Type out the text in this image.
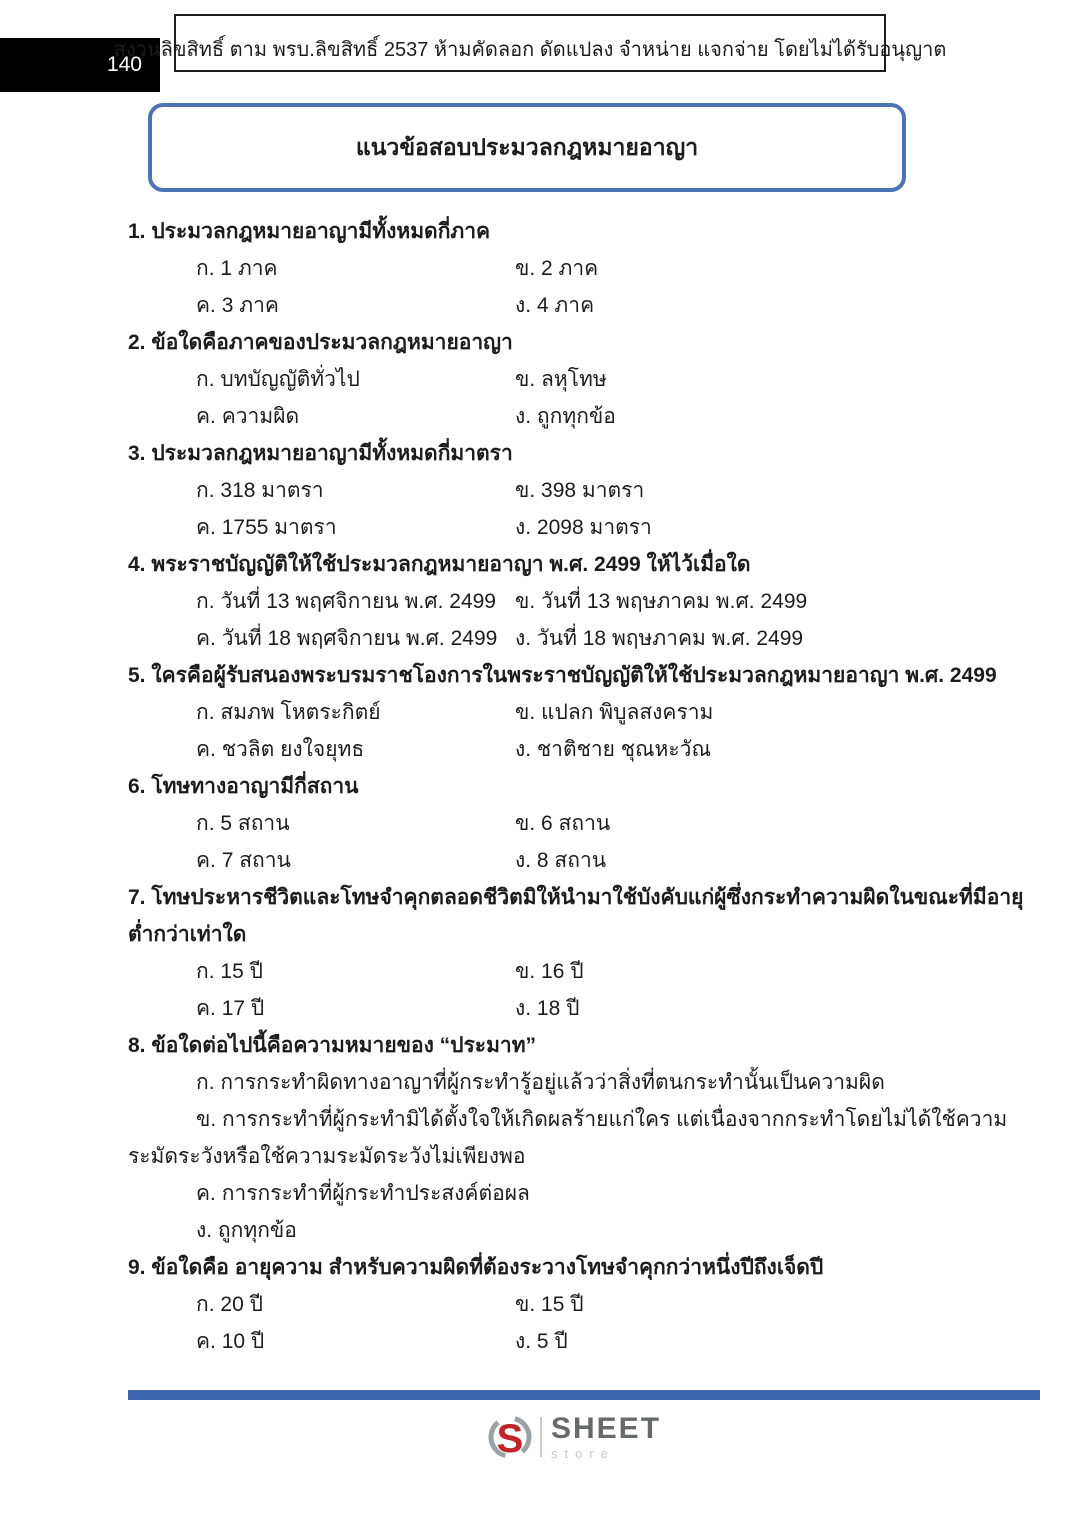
140
สงวนลิขสิทธิ์ ตาม พรบ.ลิขสิทธิ์ 2537 ห้ามคัดลอก ดัดแปลง จำหน่าย แจกจ่าย โดยไม่ได้รับอนุญาต
แนวข้อสอบประมวลกฎหมายอาญา
1. ประมวลกฎหมายอาญามีทั้งหมดกี่ภาค
ก. 1 ภาค	ข. 2 ภาค
ค. 3 ภาค	ง. 4 ภาค
2. ข้อใดคือภาคของประมวลกฎหมายอาญา
ก. บทบัญญัติทั่วไป	ข. ลหุโทษ
ค. ความผิด	ง. ถูกทุกข้อ
3. ประมวลกฎหมายอาญามีทั้งหมดกี่มาตรา
ก. 318 มาตรา	ข. 398 มาตรา
ค. 1755 มาตรา	ง. 2098 มาตรา
4. พระราชบัญญัติให้ใช้ประมวลกฎหมายอาญา พ.ศ. 2499 ให้ไว้เมื่อใด
ก. วันที่ 13 พฤศจิกายน พ.ศ. 2499 ข. วันที่ 13 พฤษภาคม พ.ศ. 2499
ค. วันที่ 18 พฤศจิกายน พ.ศ. 2499 ง. วันที่ 18 พฤษภาคม พ.ศ. 2499
5. ใครคือผู้รับสนองพระบรมราชโองการในพระราชบัญญัติให้ใช้ประมวลกฎหมายอาญา พ.ศ. 2499
ก. สมภพ โหตระกิตย์	ข. แปลก พิบูลสงคราม
ค. ชวลิต ยงใจยุทธ	ง. ชาติชาย ชุณหะวัณ
6. โทษทางอาญามีกี่สถาน
ก. 5 สถาน	ข. 6 สถาน
ค. 7 สถาน	ง. 8 สถาน
7. โทษประหารชีวิตและโทษจำคุกตลอดชีวิตมิให้นำมาใช้บังคับแก่ผู้ซึ่งกระทำความผิดในขณะที่มีอายุ
ต่ำกว่าเท่าใด
ก. 15 ปี	ข. 16 ปี
ค. 17 ปี	ง. 18 ปี
8. ข้อใดต่อไปนี้คือความหมายของ “ประมาท”
ก. การกระทำผิดทางอาญาที่ผู้กระทำรู้อยู่แล้วว่าสิ่งที่ตนกระทำนั้นเป็นความผิด
ข. การกระทำที่ผู้กระทำมิได้ตั้งใจให้เกิดผลร้ายแก่ใคร แต่เนื่องจากกระทำโดยไม่ได้ใช้ความ
ระมัดระวังหรือใช้ความระมัดระวังไม่เพียงพอ
ค. การกระทำที่ผู้กระทำประสงค์ต่อผล
ง. ถูกทุกข้อ
9. ข้อใดคือ อายุความ สำหรับความผิดที่ต้องระวางโทษจำคุกกว่าหนึ่งปีถึงเจ็ดปี
ก. 20 ปี	ข. 15 ปี
ค. 10 ปี	ง. 5 ปี
S SHEET
store
